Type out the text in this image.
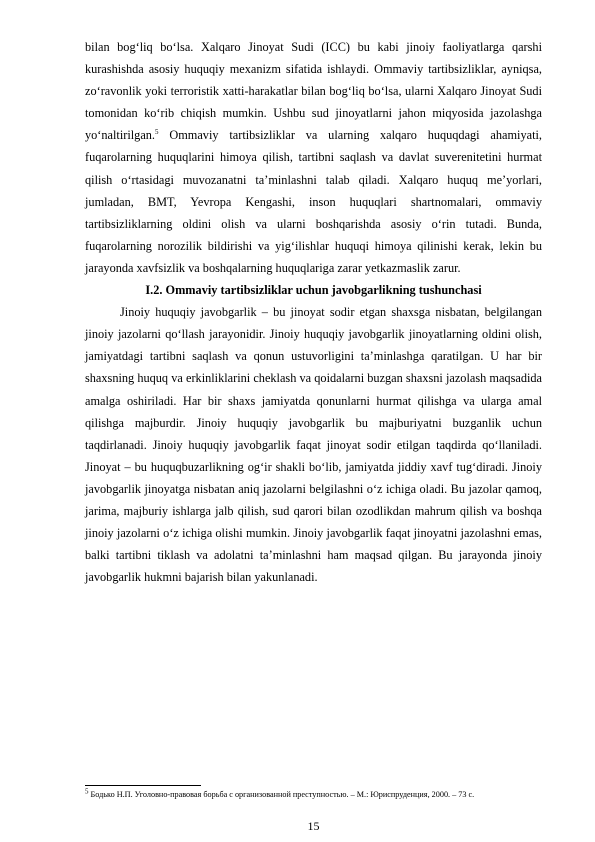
bilan bog‘liq bo‘lsa. Xalqaro Jinoyat Sudi (ICC) bu kabi jinoiy faoliyatlarga qarshi kurashishda asosiy huquqiy mexanizm sifatida ishlaydi. Ommaviy tartibsizliklar, ayniqsa, zo‘ravonlik yoki terroristik xatti-harakatlar bilan bog‘liq bo‘lsa, ularni Xalqaro Jinoyat Sudi tomonidan ko‘rib chiqish mumkin. Ushbu sud jinoyatlarni jahon miqyosida jazolashga yo‘naltirilgan.$^5$ Ommaviy tartibsizliklar va ularning xalqaro huquqdagi ahamiyati, fuqarolarning huquqlarini himoya qilish, tartibni saqlash va davlat suverenitetini hurmat qilish o‘rtasidagi muvozanatni ta’minlashni talab qiladi. Xalqaro huquq me’yorlari, jumladan, BMT, Yevropa Kengashi, inson huquqlari shartnomalari, ommaviy tartibsizliklarning oldini olish va ularni boshqarishda asosiy o‘rin tutadi. Bunda, fuqarolarning norozilik bildirishi va yig‘ilishlar huquqi himoya qilinishi kerak, lekin bu jarayonda xavfsizlik va boshqalarning huquqlariga zarar yetkazmaslik zarur.

I.2. Ommaviy tartibsizliklar uchun javobgarlikning tushunchasi

Jinoiy huquqiy javobgarlik – bu jinoyat sodir etgan shaxsga nisbatan, belgilangan jinoiy jazolarni qo‘llash jarayonidir. Jinoiy huquqiy javobgarlik jinoyatlarning oldini olish, jamiyatdagi tartibni saqlash va qonun ustuvorligini ta’minlashga qaratilgan. U har bir shaxsning huquq va erkinliklarini cheklash va qoidalarni buzgan shaxsni jazolash maqsadida amalga oshiriladi. Har bir shaxs jamiyatda qonunlarni hurmat qilishga va ularga amal qilishga majburdir. Jinoiy huquqiy javobgarlik bu majburiyatni buzganlik uchun taqdirlanadi. Jinoiy huquqiy javobgarlik faqat jinoyat sodir etilgan taqdirda qo‘llaniladi. Jinoyat – bu huquqbuzarlikning og‘ir shakli bo‘lib, jamiyatda jiddiy xavf tug‘diradi. Jinoiy javobgarlik jinoyatga nisbatan aniq jazolarni belgilashni o‘z ichiga oladi. Bu jazolar qamoq, jarima, majburiy ishlarga jalb qilish, sud qarori bilan ozodlikdan mahrum qilish va boshqa jinoiy jazolarni o‘z ichiga olishi mumkin. Jinoiy javobgarlik faqat jinoyatni jazolashni emas, balki tartibni tiklash va adolatni ta’minlashni ham maqsad qilgan. Bu jarayonda jinoiy javobgarlik hukmni bajarish bilan yakunlanadi.

$^5$ Бодько Н.П. Уголовно-правовая борьба с организованной преступностью. – М.: Юриспруденция, 2000. – 73 с.

15
